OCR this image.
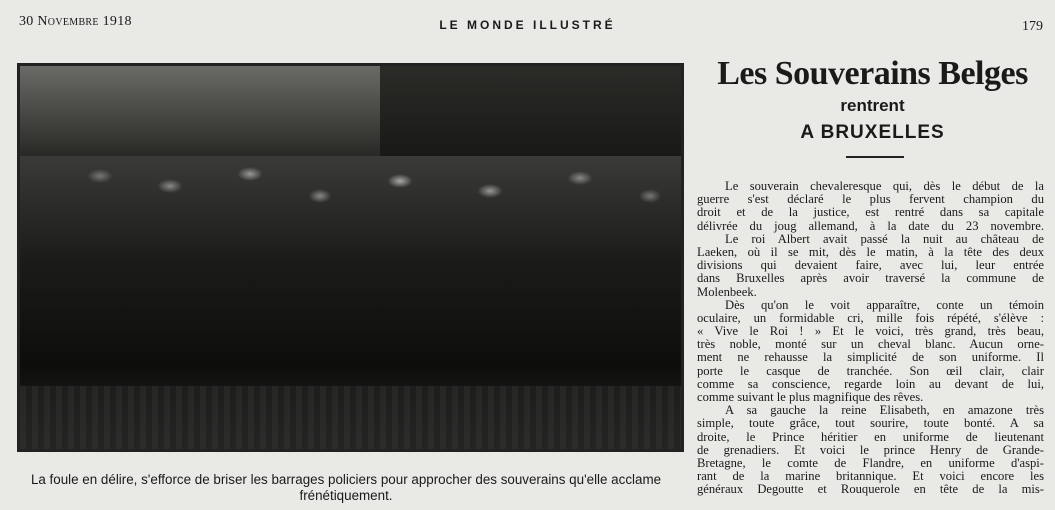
30 Novembre 1918	LE MONDE ILLUSTRÉ	179
La foule en délire, s'efforce de briser les barrages policiers pour approcher des souverains qu'elle acclame
frénétiquement.
Les Souverains Belges
rentrent
A BRUXELLES
Le souverain chevaleresque qui, dès le début de la
guerre s'est déclaré le plus fervent champion du
droit et de la justice, est rentré dans sa capitale
délivrée du joug allemand, à la date du 23 novembre.
Le roi Albert avait passé la nuit au château de
Laeken, où il se mit, dès le matin, à la tête des deux
divisions qui devaient faire, avec lui, leur entrée
dans Bruxelles après avoir traversé la commune de
Molenbeek.
Dès qu'on le voit apparaître, conte un témoin
oculaire, un formidable cri, mille fois répété, s'élève :
« Vive le Roi ! » Et le voici, très grand, très beau,
très noble, monté sur un cheval blanc. Aucun orne-
ment ne rehausse la simplicité de son uniforme. Il
porte le casque de tranchée. Son œil clair, clair
comme sa conscience, regarde loin au devant de lui,
comme suivant le plus magnifique des rêves.
A sa gauche la reine Elisabeth, en amazone très
simple, toute grâce, tout sourire, toute bonté. A sa
droite, le Prince héritier en uniforme de lieutenant
de grenadiers. Et voici le prince Henry de Grande-
Bretagne, le comte de Flandre, en uniforme d'aspi-
rant de la marine britannique. Et voici encore les
généraux Degoutte et Rouquerole en tête de la mis-
